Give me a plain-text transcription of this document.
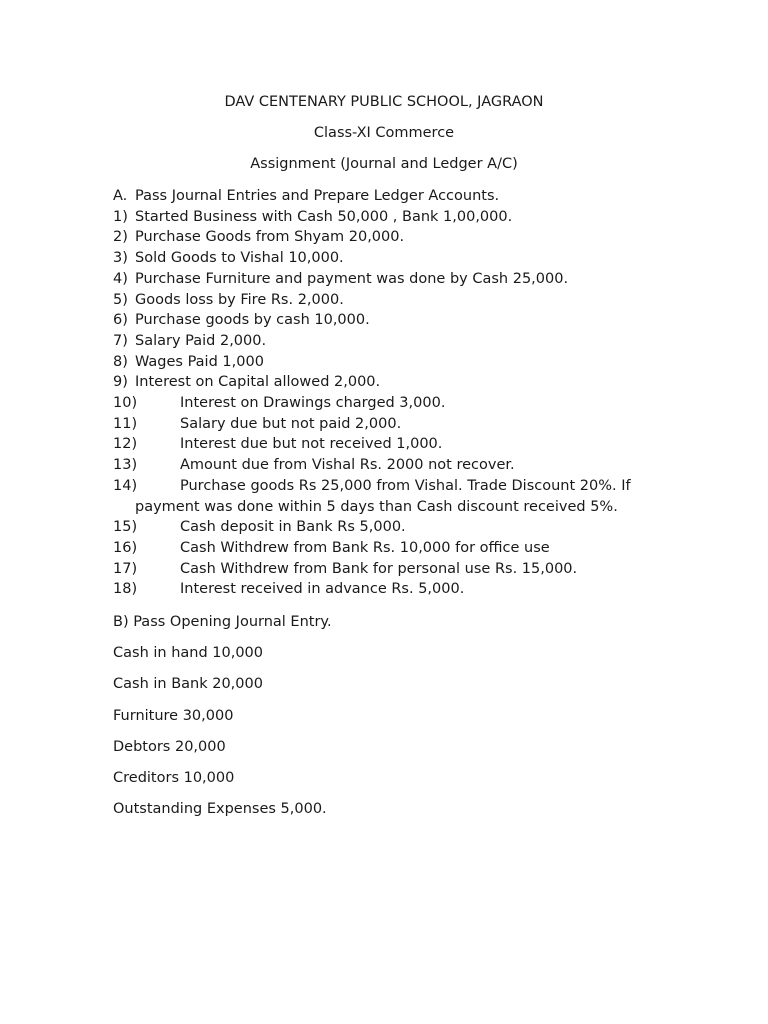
DAV CENTENARY PUBLIC SCHOOL, JAGRAON
Class-XI Commerce
Assignment (Journal and Ledger A/C)
A. Pass Journal Entries and Prepare Ledger Accounts.
1) Started Business with Cash 50,000 , Bank 1,00,000.
2) Purchase Goods from Shyam 20,000.
3) Sold Goods to Vishal 10,000.
4) Purchase Furniture and payment was done by Cash 25,000.
5) Goods loss by Fire Rs. 2,000.
6) Purchase goods by cash 10,000.
7) Salary Paid 2,000.
8) Wages Paid 1,000
9) Interest on Capital allowed 2,000.
10)	Interest on Drawings charged 3,000.
11)	Salary due but not paid 2,000.
12)	Interest due but not received 1,000.
13)	Amount due from Vishal Rs. 2000 not recover.
14)	Purchase goods Rs 25,000 from Vishal. Trade Discount 20%. If
payment was done within 5 days than Cash discount received 5%.
15)	Cash deposit in Bank Rs 5,000.
16)	Cash Withdrew from Bank Rs. 10,000 for office use
17)	Cash Withdrew from Bank for personal use Rs. 15,000.
18)	Interest received in advance Rs. 5,000.
B) Pass Opening Journal Entry.
Cash in hand 10,000
Cash in Bank 20,000
Furniture 30,000
Debtors 20,000
Creditors 10,000
Outstanding Expenses 5,000.
